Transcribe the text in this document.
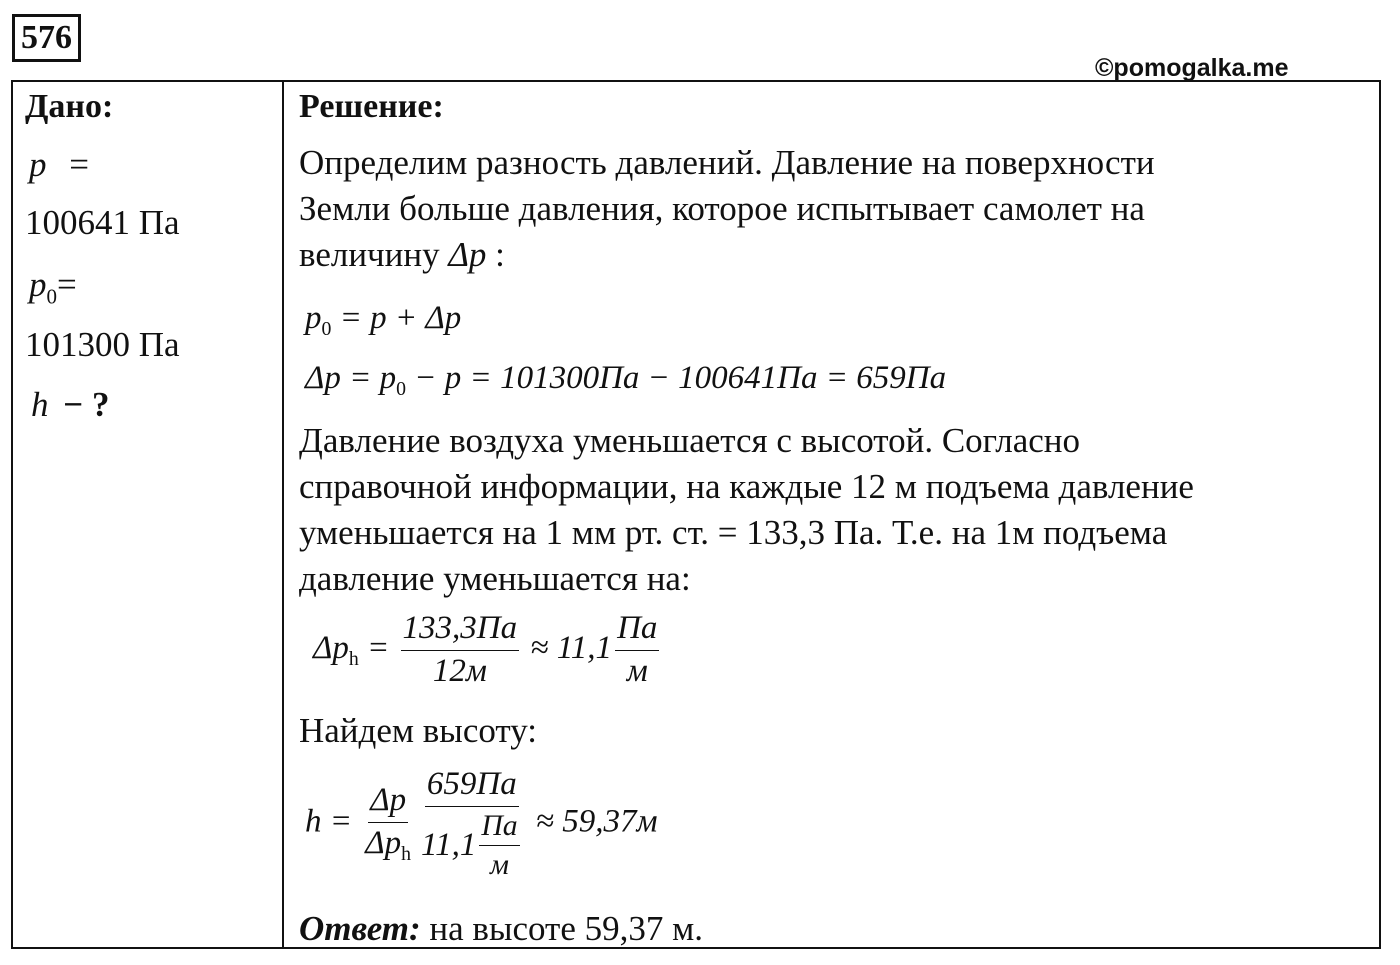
576
©pomogalka.me
Дано:
p =
100641 Па
$p_0=$
101300 Па
h − ?
Решение:
Определим разность давлений. Давление на поверхности
Земли больше давления, которое испытывает самолет на
величину Δp :
$p_0 = p + \Delta p$
$\Delta p = p_0 - p = 101300Па - 100641Па = 659Па$
Давление воздуха уменьшается с высотой. Согласно
справочной информации, на каждые 12 м подъема давление
уменьшается на 1 мм рт. ст. = 133,3 Па. Т.е. на 1м подъема
давление уменьшается на:
$\Delta p_h = \frac{133,3Па}{12м} \approx 11,1 \frac{Па}{м}$
Найдем высоту:
$h = \frac{\Delta p}{\Delta p_h} \frac{659Па}{11,1 \frac{Па}{м}} \approx 59,37м$
Ответ: на высоте 59,37 м.
